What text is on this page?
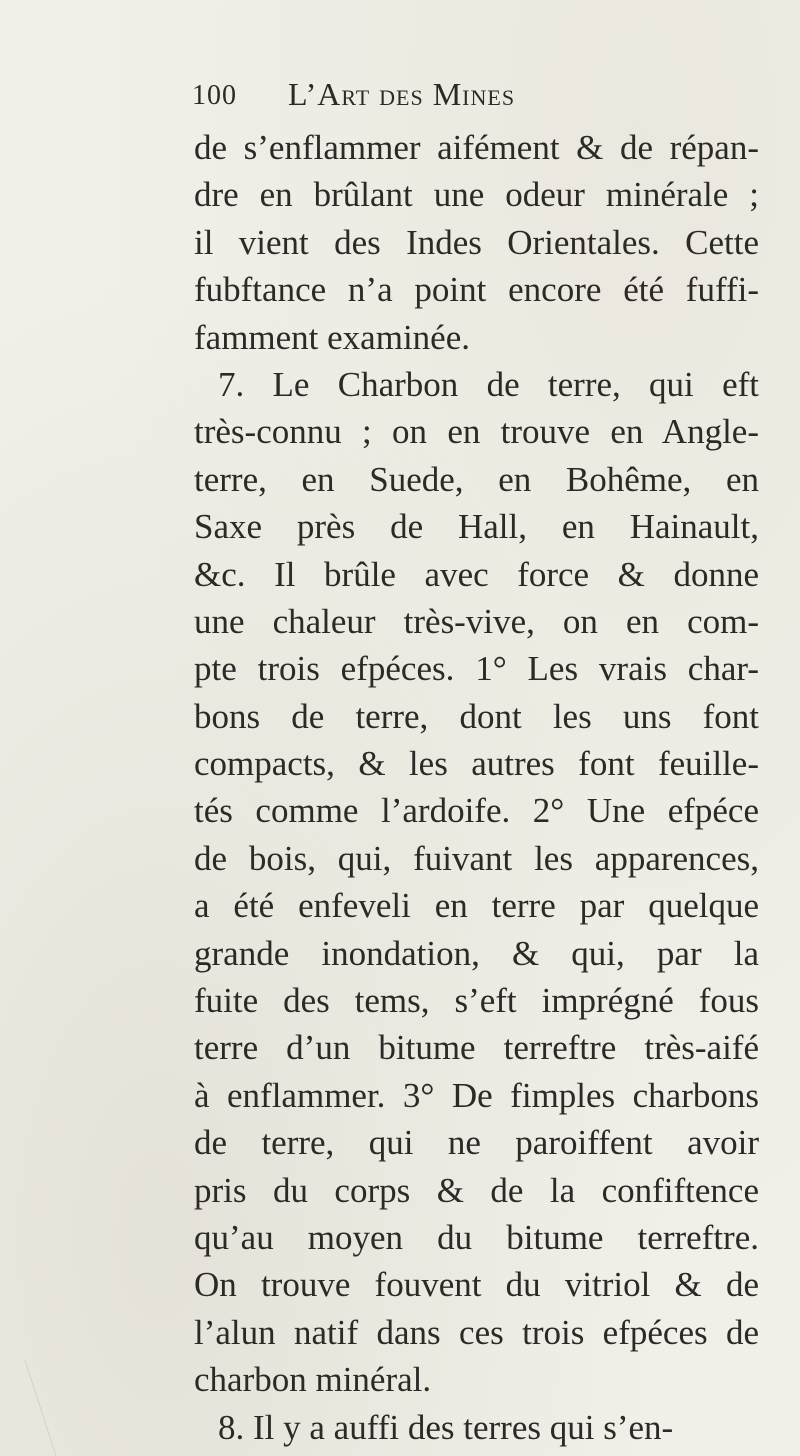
100 L’Art des Mines
de s’enflammer aifément & de répan-
dre en brûlant une odeur minérale ;
il vient des Indes Orientales. Cette
fubftance n’a point encore été fuffi-
famment examinée.
7. Le Charbon de terre, qui eft
très-connu ; on en trouve en Angle-
terre, en Suede, en Bohême, en
Saxe près de Hall, en Hainault,
&c. Il brûle avec force & donne
une chaleur très-vive, on en com-
pte trois efpéces. 1° Les vrais char-
bons de terre, dont les uns font
compacts, & les autres font feuille-
tés comme l’ardoife. 2° Une efpéce
de bois, qui, fuivant les apparences,
a été enfeveli en terre par quelque
grande inondation, & qui, par la
fuite des tems, s’eft imprégné fous
terre d’un bitume terreftre très-aifé
à enflammer. 3° De fimples charbons
de terre, qui ne paroiffent avoir
pris du corps & de la confiftence
qu’au moyen du bitume terreftre.
On trouve fouvent du vitriol & de
l’alun natif dans ces trois efpéces de
charbon minéral.
8. Il y a auffi des terres qui s’en-
